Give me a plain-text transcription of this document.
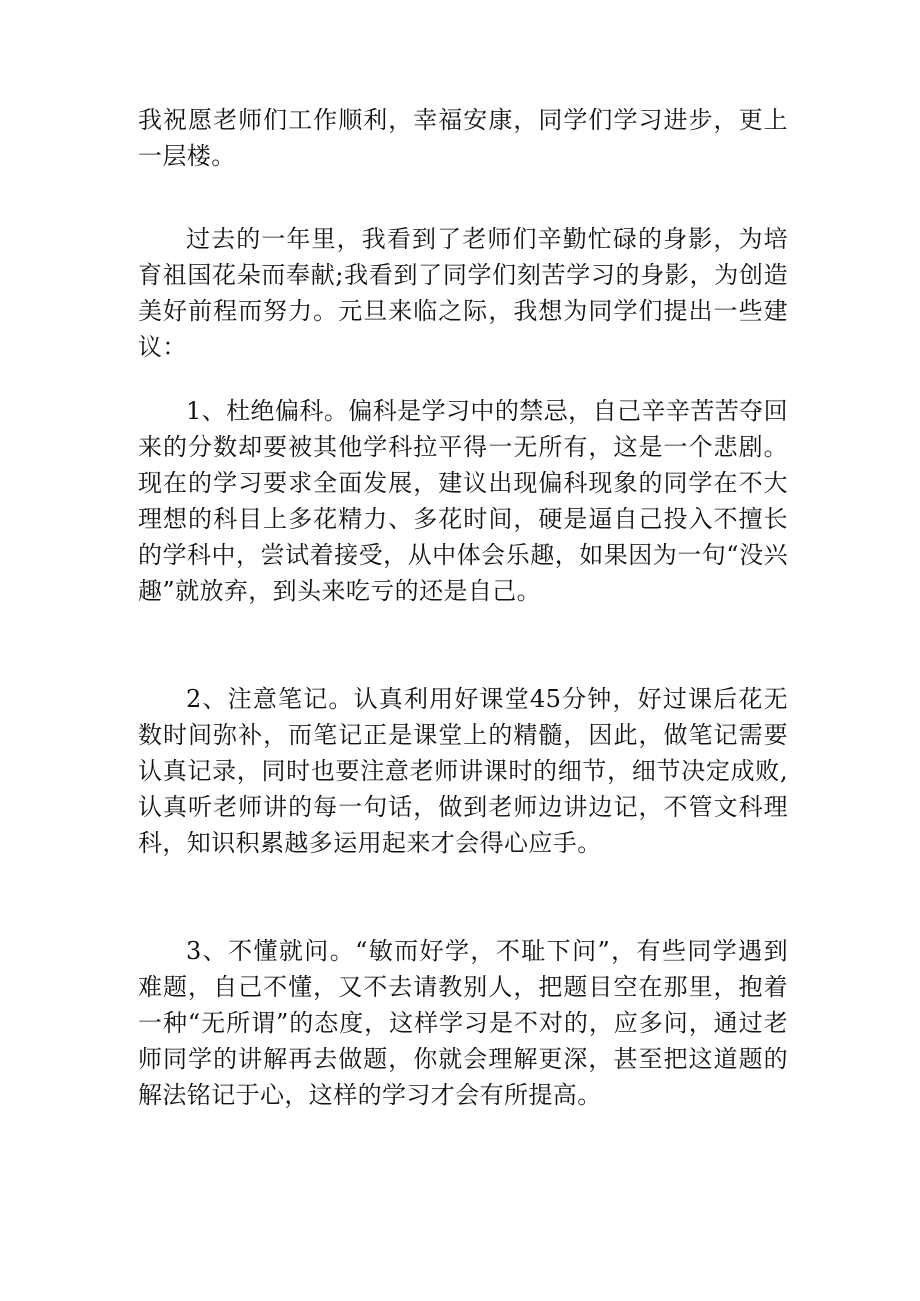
我祝愿老师们工作顺利，幸福安康，同学们学习进步，更上一层楼。

过去的一年里，我看到了老师们辛勤忙碌的身影，为培育祖国花朵而奉献;我看到了同学们刻苦学习的身影，为创造美好前程而努力。元旦来临之际，我想为同学们提出一些建议：

1、杜绝偏科。偏科是学习中的禁忌，自己辛辛苦苦夺回来的分数却要被其他学科拉平得一无所有，这是一个悲剧。现在的学习要求全面发展，建议出现偏科现象的同学在不大理想的科目上多花精力、多花时间，硬是逼自己投入不擅长的学科中，尝试着接受，从中体会乐趣，如果因为一句“没兴趣”就放弃，到头来吃亏的还是自己。

2、注意笔记。认真利用好课堂45分钟，好过课后花无数时间弥补，而笔记正是课堂上的精髓，因此，做笔记需要认真记录，同时也要注意老师讲课时的细节，细节决定成败,认真听老师讲的每一句话，做到老师边讲边记，不管文科理科，知识积累越多运用起来才会得心应手。

3、不懂就问。“敏而好学，不耻下问”，有些同学遇到难题，自己不懂，又不去请教别人，把题目空在那里，抱着一种“无所谓”的态度，这样学习是不对的，应多问，通过老师同学的讲解再去做题，你就会理解更深，甚至把这道题的解法铭记于心，这样的学习才会有所提高。
